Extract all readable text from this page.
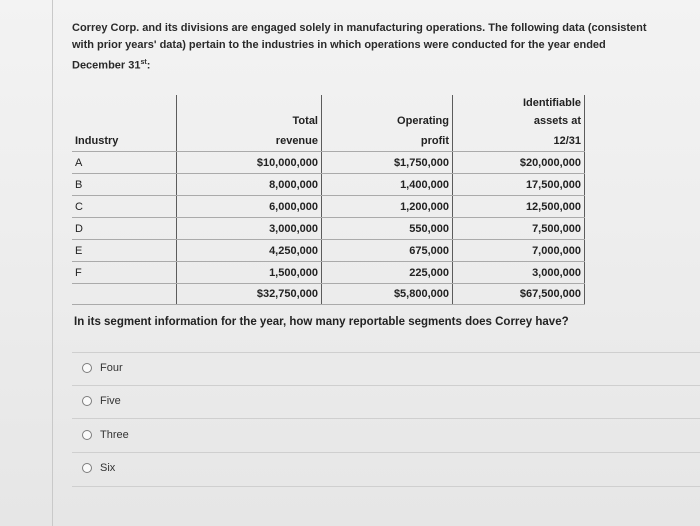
Correy Corp. and its divisions are engaged solely in manufacturing operations. The following data (consistent with prior years' data) pertain to the industries in which operations were conducted for the year ended December 31st:
			Identifiable
	Total	Operating	assets at
Industry	revenue	profit	12/31
A	$10,000,000	$1,750,000	$20,000,000
B	8,000,000	1,400,000	17,500,000
C	6,000,000	1,200,000	12,500,000
D	3,000,000	550,000	7,500,000
E	4,250,000	675,000	7,000,000
F	1,500,000	225,000	3,000,000
	$32,750,000	$5,800,000	$67,500,000
In its segment information for the year, how many reportable segments does Correy have?
Four
Five
Three
Six
